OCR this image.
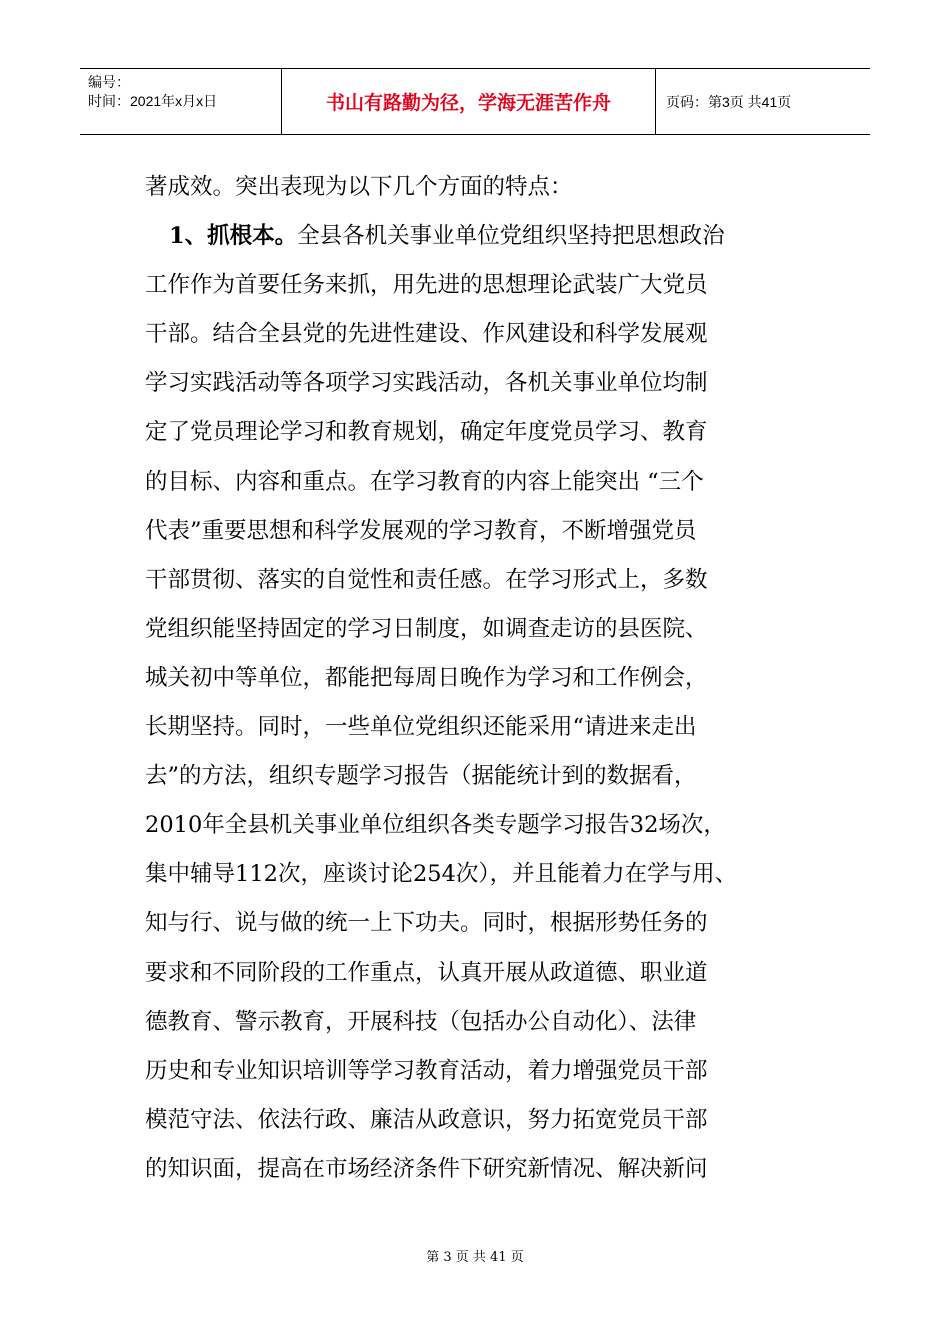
编号：
时间：2021年x月x日	书山有路勤为径，学海无涯苦作舟	页码：第3页 共41页
著成效。突出表现为以下几个方面的特点：
1、抓根本。全县各机关事业单位党组织坚持把思想政治
工作作为首要任务来抓，用先进的思想理论武装广大党员
干部。结合全县党的先进性建设、作风建设和科学发展观
学习实践活动等各项学习实践活动，各机关事业单位均制
定了党员理论学习和教育规划，确定年度党员学习、教育
的目标、内容和重点。在学习教育的内容上能突出 “三个
代表”重要思想和科学发展观的学习教育，不断增强党员
干部贯彻、落实的自觉性和责任感。在学习形式上，多数
党组织能坚持固定的学习日制度，如调查走访的县医院、
城关初中等单位，都能把每周日晚作为学习和工作例会，
长期坚持。同时，一些单位党组织还能采用“请进来走出
去”的方法，组织专题学习报告（据能统计到的数据看，
2010年全县机关事业单位组织各类专题学习报告32场次，
集中辅导112次，座谈讨论254次），并且能着力在学与用、
知与行、说与做的统一上下功夫。同时，根据形势任务的
要求和不同阶段的工作重点，认真开展从政道德、职业道
德教育、警示教育，开展科技（包括办公自动化）、法律
历史和专业知识培训等学习教育活动，着力增强党员干部
模范守法、依法行政、廉洁从政意识，努力拓宽党员干部
的知识面，提高在市场经济条件下研究新情况、解决新问
第 3 页 共 41 页
